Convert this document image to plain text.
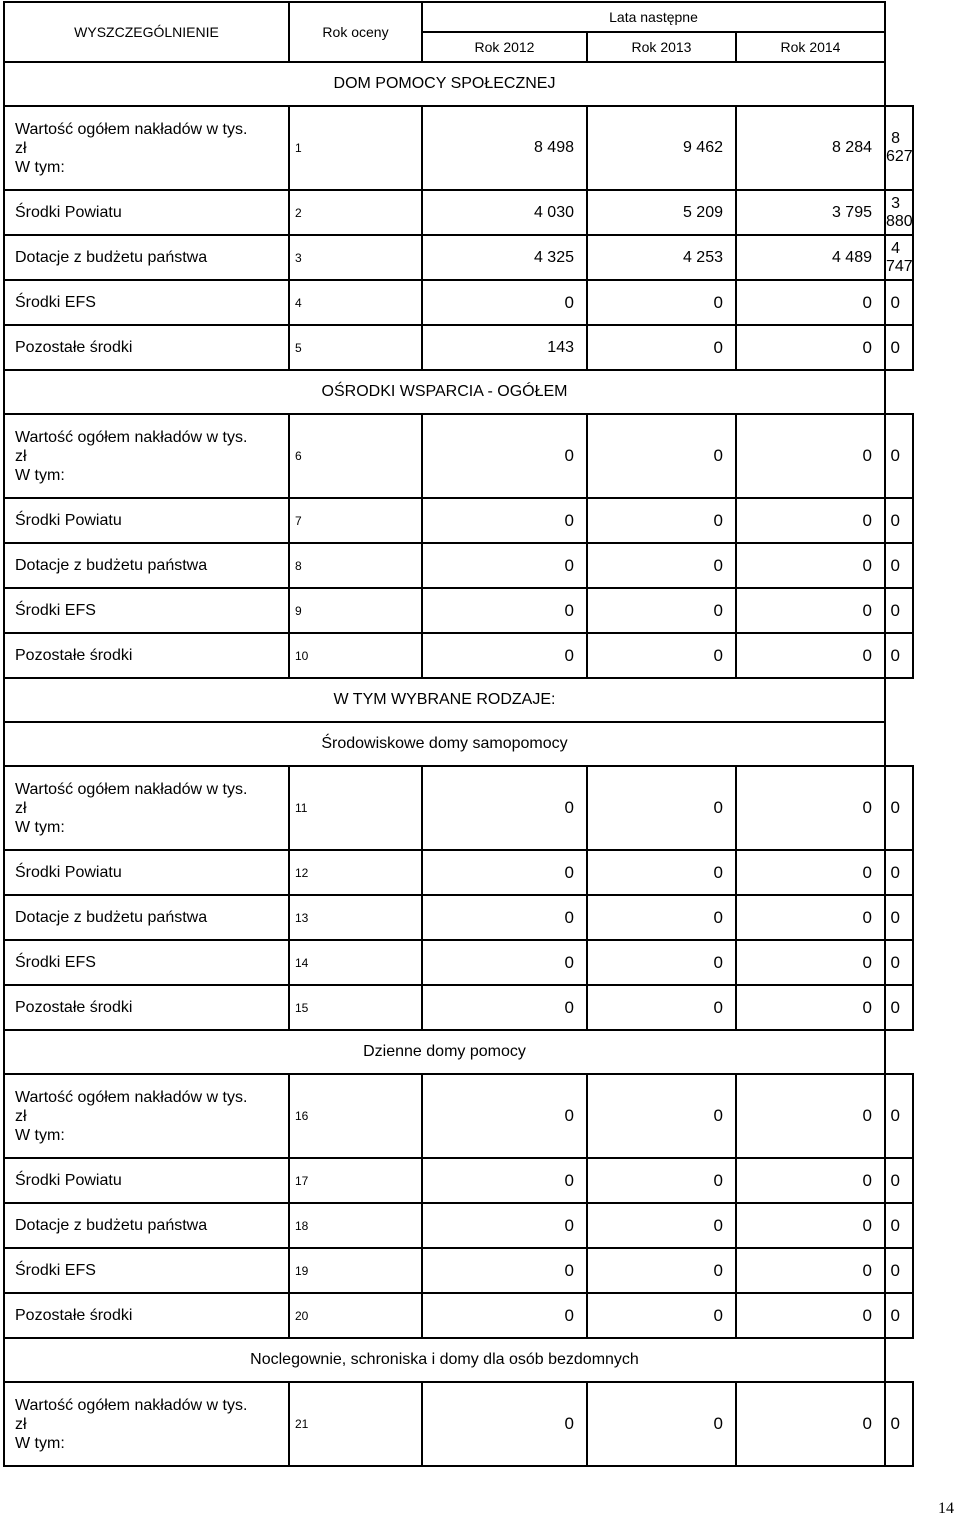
WYSZCZEGÓLNIENIE	Rok oceny	Lata następne			
		Rok 2012	Rok 2013	Rok 2014	
DOM POMOCY SPOŁECZNEJ					

Wartość ogółem nakładów w tys.
zł
W tym:	1	8 498	9 462	8 284	8 627

Środki Powiatu	2	4 030	5 209	3 795	3 880

Dotacje z budżetu państwa	3	4 325	4 253	4 489	4 747

Środki EFS	4	0	0	0	0

Pozostałe środki	5	143	0	0	0
OŚRODKI WSPARCIA - OGÓŁEM					

Wartość ogółem nakładów w tys.
zł
W tym:	6	0	0	0	0

Środki Powiatu	7	0	0	0	0

Dotacje z budżetu państwa	8	0	0	0	0

Środki EFS	9	0	0	0	0

Pozostałe środki	10	0	0	0	0
W TYM WYBRANE RODZAJE:					
Środowiskowe domy samopomocy					

Wartość ogółem nakładów w tys.
zł
W tym:	11	0	0	0	0

Środki Powiatu	12	0	0	0	0

Dotacje z budżetu państwa	13	0	0	0	0

Środki EFS	14	0	0	0	0

Pozostałe środki	15	0	0	0	0
Dzienne domy pomocy					

Wartość ogółem nakładów w tys.
zł
W tym:	16	0	0	0	0

Środki Powiatu	17	0	0	0	0

Dotacje z budżetu państwa	18	0	0	0	0

Środki EFS	19	0	0	0	0

Pozostałe środki	20	0	0	0	0
Noclegownie, schroniska i domy dla osób bezdomnych					

Wartość ogółem nakładów w tys.
zł
W tym:	21	0	0	0	0
14
